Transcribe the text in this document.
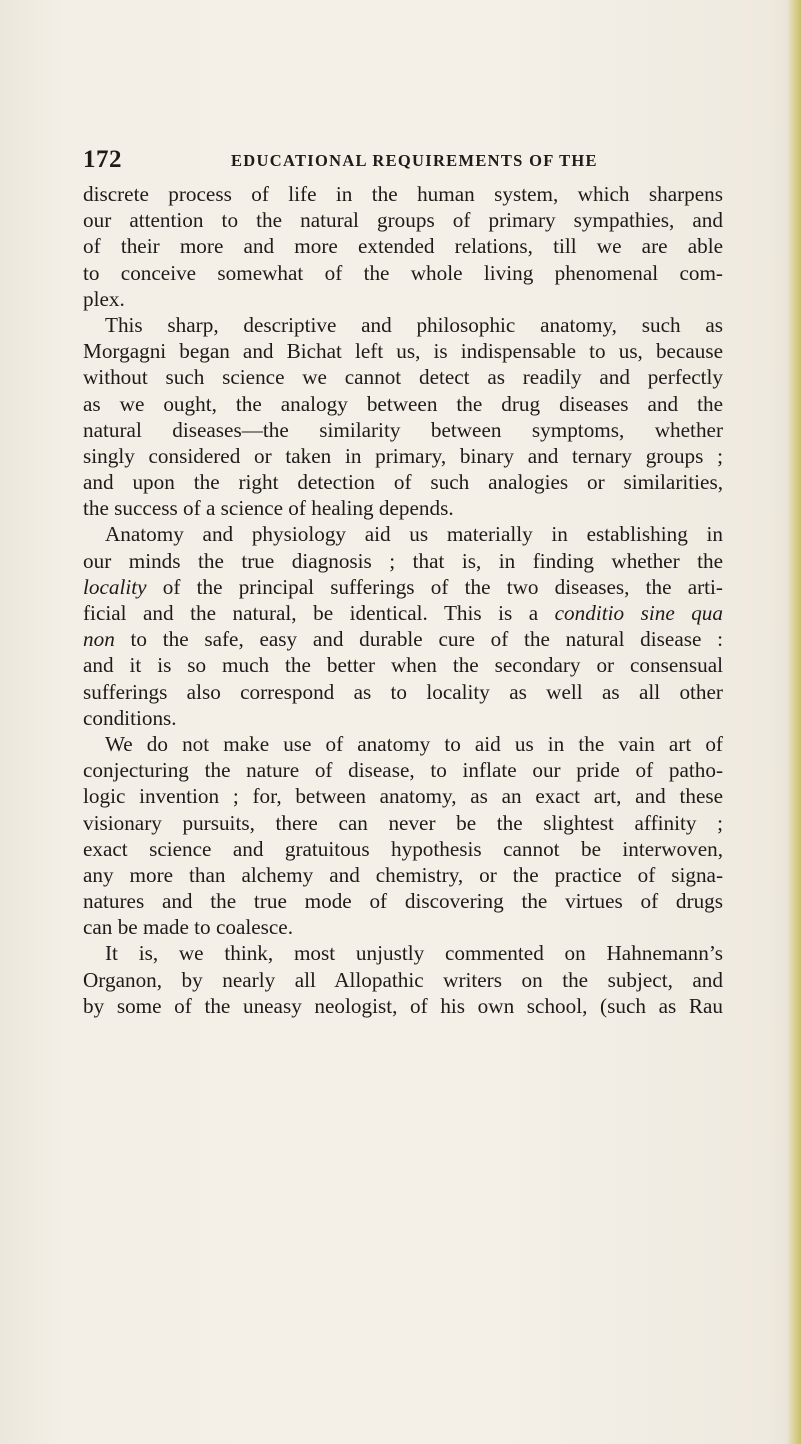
172	EDUCATIONAL REQUIREMENTS OF THE
discrete process of life in the human system, which sharpens
our attention to the natural groups of primary sympathies, and
of their more and more extended relations, till we are able
to conceive somewhat of the whole living phenomenal com-
plex.
This sharp, descriptive and philosophic anatomy, such as
Morgagni began and Bichat left us, is indispensable to us, because
without such science we cannot detect as readily and perfectly
as we ought, the analogy between the drug diseases and the
natural diseases—the similarity between symptoms, whether
singly considered or taken in primary, binary and ternary groups ;
and upon the right detection of such analogies or similarities,
the success of a science of healing depends.
Anatomy and physiology aid us materially in establishing in
our minds the true diagnosis ; that is, in finding whether the
locality of the principal sufferings of the two diseases, the arti-
ficial and the natural, be identical. This is a conditio sine qua
non to the safe, easy and durable cure of the natural disease :
and it is so much the better when the secondary or consensual
sufferings also correspond as to locality as well as all other
conditions.
We do not make use of anatomy to aid us in the vain art of
conjecturing the nature of disease, to inflate our pride of patho-
logic invention ; for, between anatomy, as an exact art, and these
visionary pursuits, there can never be the slightest affinity ;
exact science and gratuitous hypothesis cannot be interwoven,
any more than alchemy and chemistry, or the practice of signa-
natures and the true mode of discovering the virtues of drugs
can be made to coalesce.
It is, we think, most unjustly commented on Hahnemann’s
Organon, by nearly all Allopathic writers on the subject, and
by some of the uneasy neologist, of his own school, (such as Rau
